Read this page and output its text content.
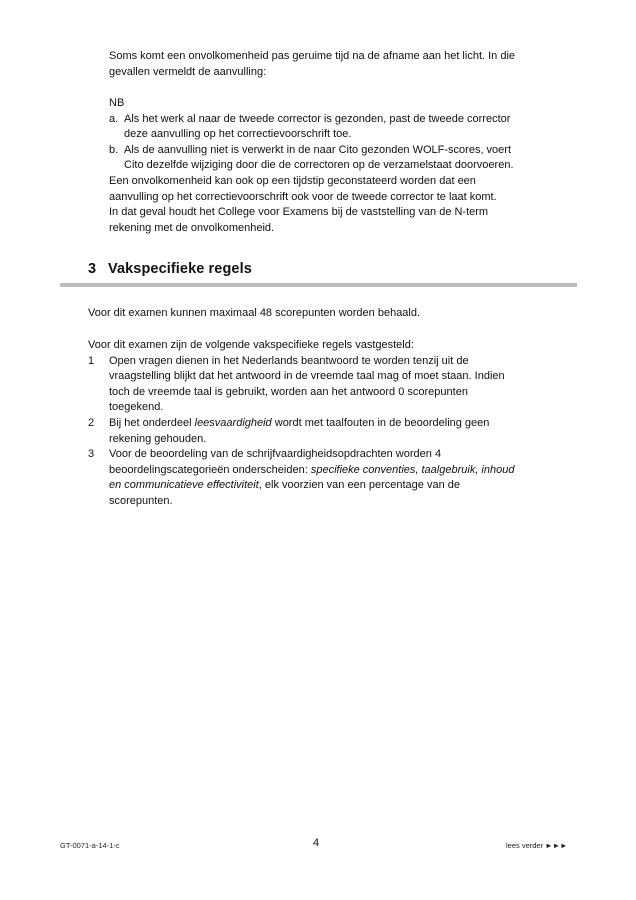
Soms komt een onvolkomenheid pas geruime tijd na de afname aan het licht. In die

gevallen vermeldt de aanvulling:

NB

a. Als het werk al naar de tweede corrector is gezonden, past de tweede corrector

deze aanvulling op het correctievoorschrift toe.

b. Als de aanvulling niet is verwerkt in de naar Cito gezonden WOLF-scores, voert

Cito dezelfde wijziging door die de correctoren op de verzamelstaat doorvoeren.

Een onvolkomenheid kan ook op een tijdstip geconstateerd worden dat een

aanvulling op het correctievoorschrift ook voor de tweede corrector te laat komt.

In dat geval houdt het College voor Examens bij de vaststelling van de N-term

rekening met de onvolkomenheid.

3 Vakspecifieke regels

Voor dit examen kunnen maximaal 48 scorepunten worden behaald.

Voor dit examen zijn de volgende vakspecifieke regels vastgesteld:

1	Open vragen dienen in het Nederlands beantwoord te worden tenzij uit de

vraagstelling blijkt dat het antwoord in de vreemde taal mag of moet staan. Indien

toch de vreemde taal is gebruikt, worden aan het antwoord 0 scorepunten

toegekend.

2	Bij het onderdeel leesvaardigheid wordt met taalfouten in de beoordeling geen

rekening gehouden.

3	Voor de beoordeling van de schrijfvaardigheidsopdrachten worden 4

beoordelingscategorieën onderscheiden: specifieke conventies, taalgebruik, inhoud

en communicatieve effectiviteit, elk voorzien van een percentage van de

scorepunten.

GT-0071-a-14-1-c	4	lees verder ►►►
